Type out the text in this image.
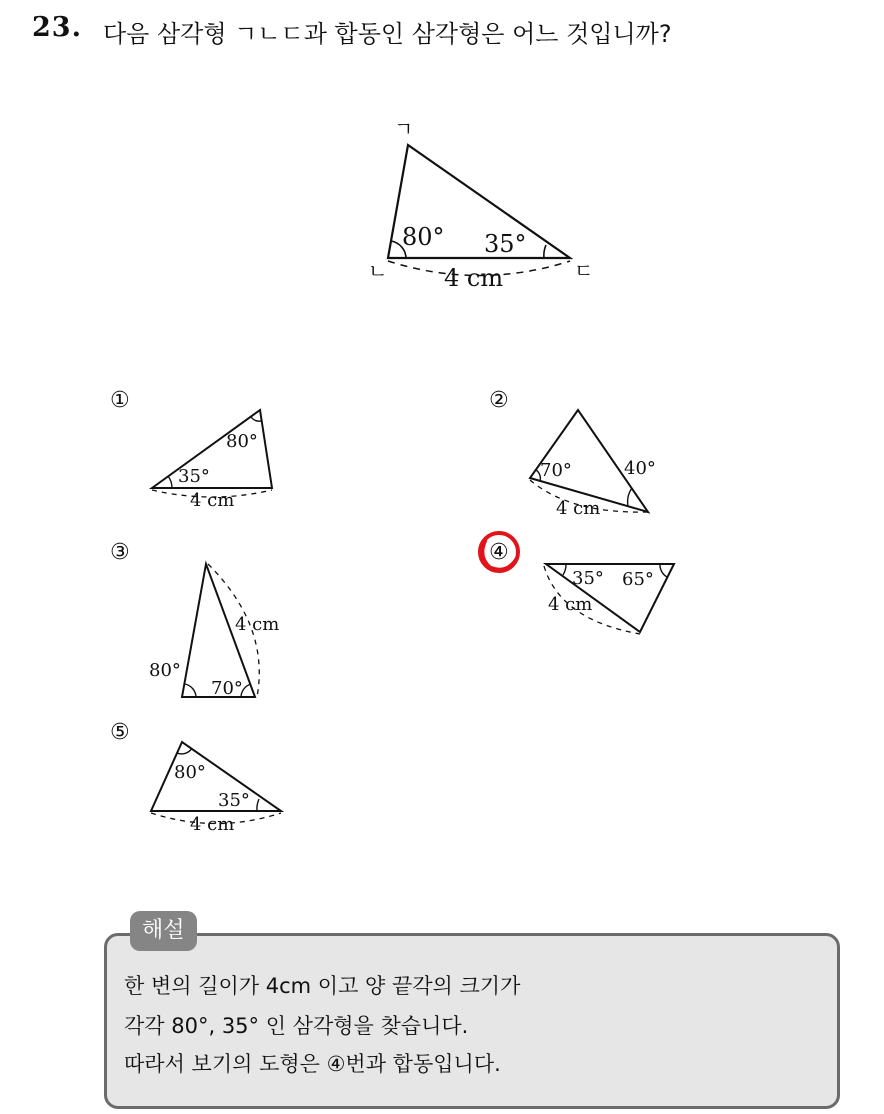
23. 다음 삼각형 ㄱㄴㄷ과 합동인 삼각형은 어느 것입니까?
ㄱ
ㄴ	ㄷ
80° 35°
4 cm
①
80°
35°
4 cm
②
70°	40°
4 cm
③
80°
70°
4 cm
④
35° 65°
4 cm
⑤
80°
35°
4 cm
해설
한 변의 길이가 4cm 이고 양 끝각의 크기가
각각 80°, 35° 인 삼각형을 찾습니다.
따라서 보기의 도형은 ④번과 합동입니다.
